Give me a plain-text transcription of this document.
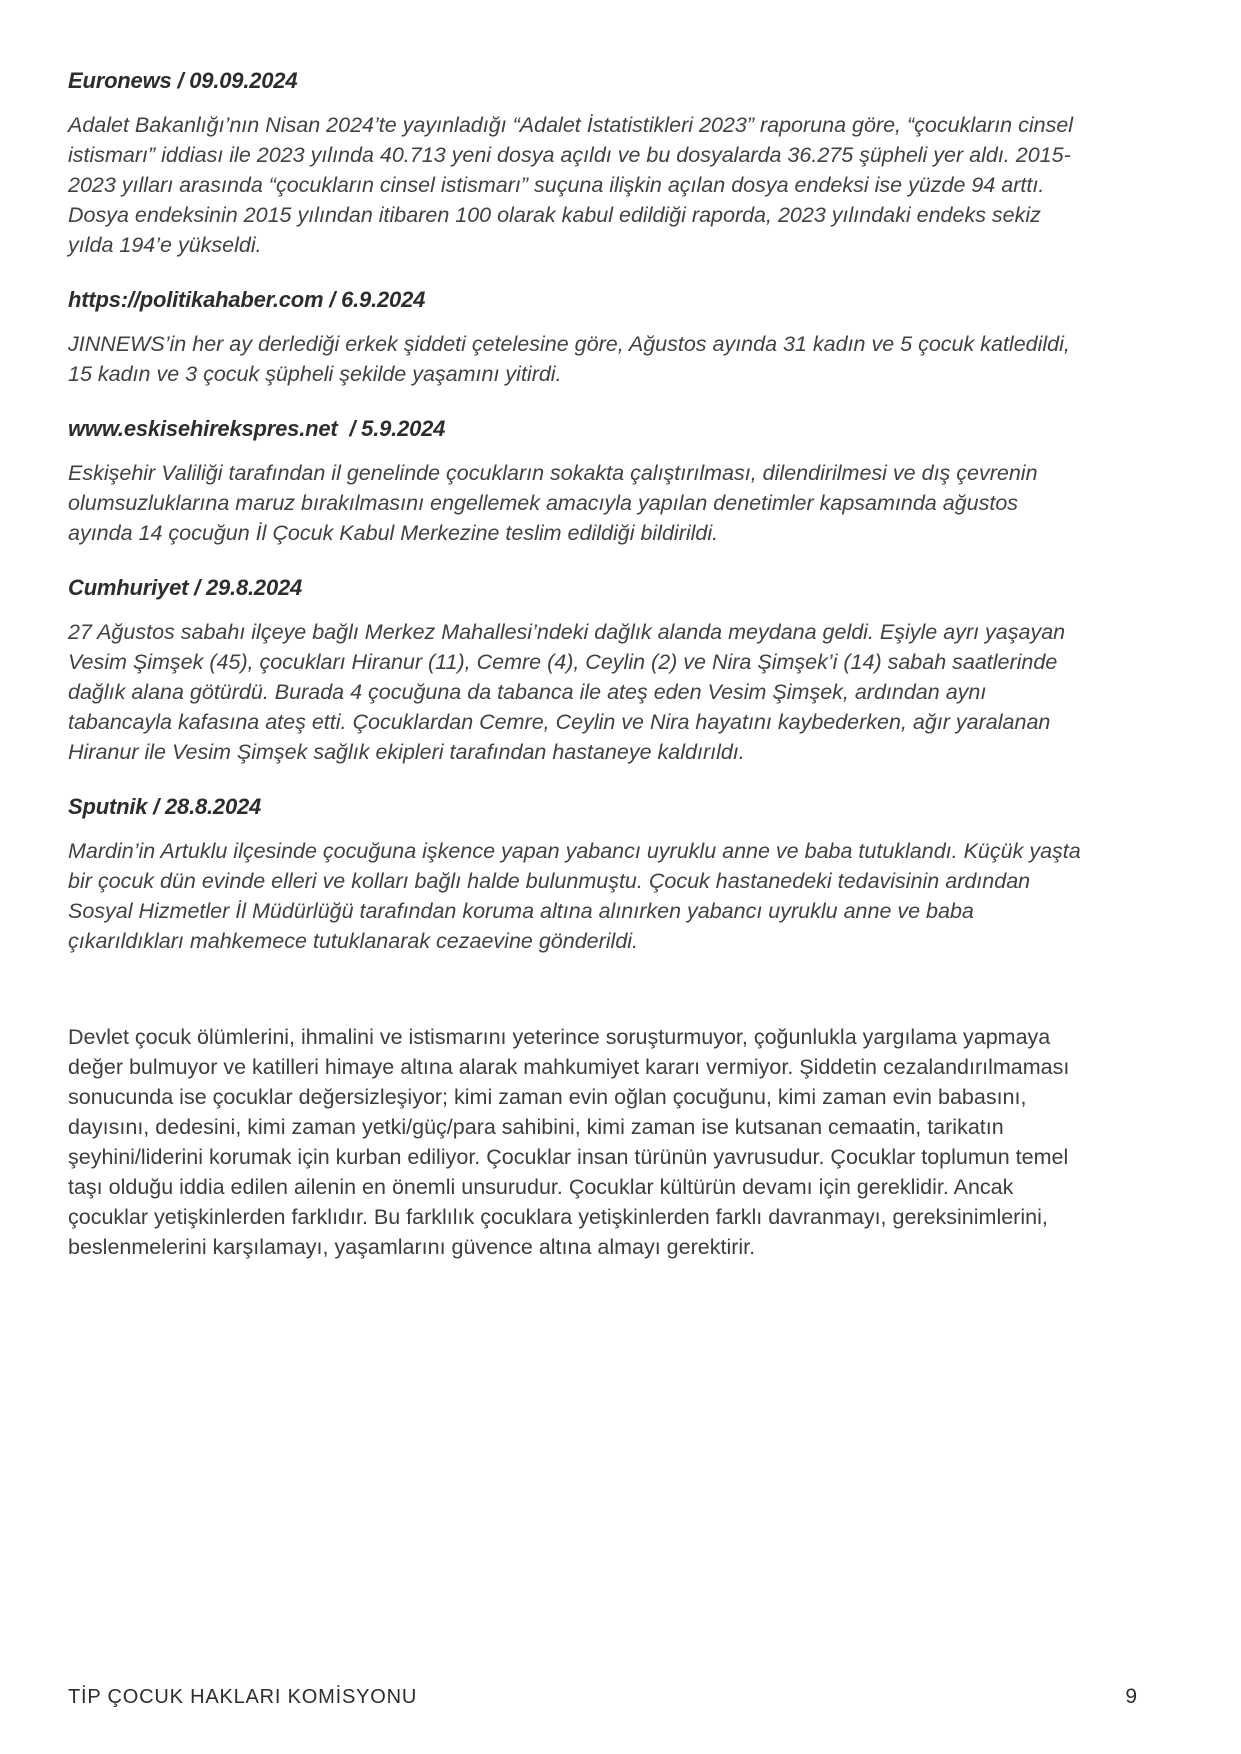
Euronews / 09.09.2024

Adalet Bakanlığı’nın Nisan 2024’te yayınladığı “Adalet İstatistikleri 2023” raporuna göre, “çocukların cinsel istismarı” iddiası ile 2023 yılında 40.713 yeni dosya açıldı ve bu dosyalarda 36.275 şüpheli yer aldı. 2015-2023 yılları arasında “çocukların cinsel istismarı” suçuna ilişkin açılan dosya endeksi ise yüzde 94 arttı. Dosya endeksinin 2015 yılından itibaren 100 olarak kabul edildiği raporda, 2023 yılındaki endeks sekiz yılda 194’e yükseldi.

https://politikahaber.com / 6.9.2024

JINNEWS’in her ay derlediği erkek şiddeti çetelesine göre, Ağustos ayında 31 kadın ve 5 çocuk katledildi, 15 kadın ve 3 çocuk şüpheli şekilde yaşamını yitirdi.

www.eskisehirekspres.net  / 5.9.2024

Eskişehir Valiliği tarafından il genelinde çocukların sokakta çalıştırılması, dilendirilmesi ve dış çevrenin olumsuzluklarına maruz bırakılmasını engellemek amacıyla yapılan denetimler kapsamında ağustos ayında 14 çocuğun İl Çocuk Kabul Merkezine teslim edildiği bildirildi.

Cumhuriyet / 29.8.2024

27 Ağustos sabahı ilçeye bağlı Merkez Mahallesi’ndeki dağlık alanda meydana geldi. Eşiyle ayrı yaşayan Vesim Şimşek (45), çocukları Hiranur (11), Cemre (4), Ceylin (2) ve Nira Şimşek’i (14) sabah saatlerinde dağlık alana götürdü. Burada 4 çocuğuna da tabanca ile ateş eden Vesim Şimşek, ardından aynı tabancayla kafasına ateş etti. Çocuklardan Cemre, Ceylin ve Nira hayatını kaybederken, ağır yaralanan Hiranur ile Vesim Şimşek sağlık ekipleri tarafından hastaneye kaldırıldı.

Sputnik / 28.8.2024

Mardin’in Artuklu ilçesinde çocuğuna işkence yapan yabancı uyruklu anne ve baba tutuklandı. Küçük yaşta bir çocuk dün evinde elleri ve kolları bağlı halde bulunmuştu. Çocuk hastanedeki tedavisinin ardından Sosyal Hizmetler İl Müdürlüğü tarafından koruma altına alınırken yabancı uyruklu anne ve baba çıkarıldıkları mahkemece tutuklanarak cezaevine gönderildi.

Devlet çocuk ölümlerini, ihmalini ve istismarını yeterince soruşturmuyor, çoğunlukla yargılama yapmaya değer bulmuyor ve katilleri himaye altına alarak mahkumiyet kararı vermiyor. Şiddetin cezalandırılmaması sonucunda ise çocuklar değersizleşiyor; kimi zaman evin oğlan çocuğunu, kimi zaman evin babasını, dayısını, dedesini, kimi zaman yetki/güç/para sahibini, kimi zaman ise kutsanan cemaatin, tarikatın şeyhini/liderini korumak için kurban ediliyor. Çocuklar insan türünün yavrusudur. Çocuklar toplumun temel taşı olduğu iddia edilen ailenin en önemli unsurudur. Çocuklar kültürün devamı için gereklidir. Ancak çocuklar yetişkinlerden farklıdır. Bu farklılık çocuklara yetişkinlerden farklı davranmayı, gereksinimlerini, beslenmelerini karşılamayı, yaşamlarını güvence altına almayı gerektirir.

TİP ÇOCUK HAKLARI KOMİSYONU	9
